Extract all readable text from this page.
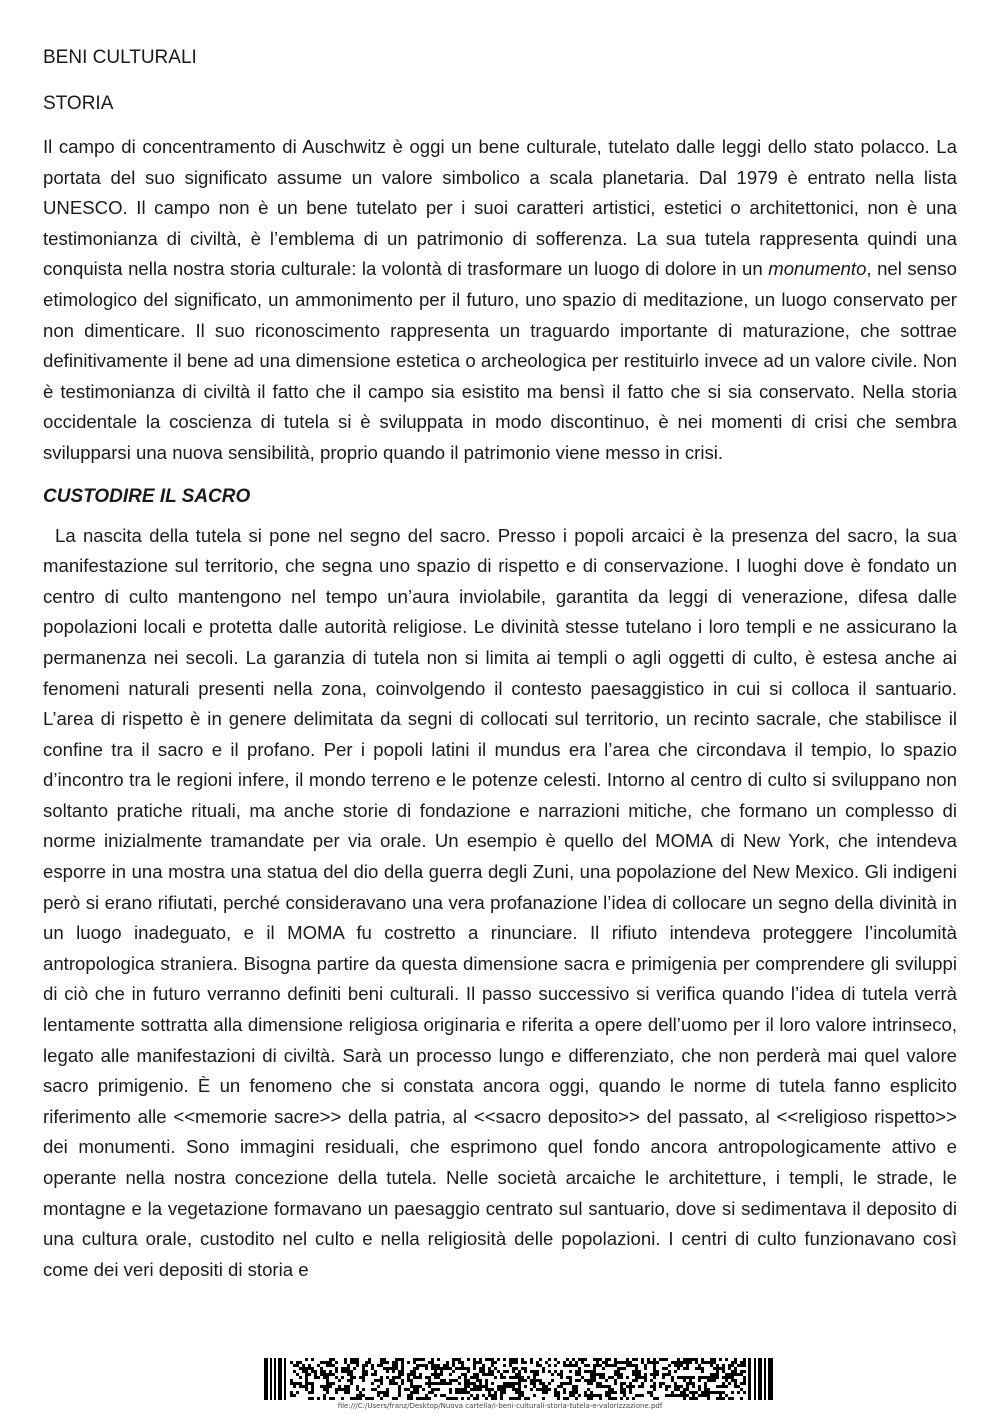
BENI CULTURALI
STORIA

Il campo di concentramento di Auschwitz è oggi un bene culturale, tutelato dalle leggi dello stato polacco. La portata del suo significato assume un valore simbolico a scala planetaria. Dal 1979 è entrato nella lista UNESCO. Il campo non è un bene tutelato per i suoi caratteri artistici, estetici o architettonici, non è una testimonianza di civiltà, è l’emblema di un patrimonio di sofferenza. La sua tutela rappresenta quindi una conquista nella nostra storia culturale: la volontà di trasformare un luogo di dolore in un monumento, nel senso etimologico del significato, un ammonimento per il futuro, uno spazio di meditazione, un luogo conservato per non dimenticare. Il suo riconoscimento rappresenta un traguardo importante di maturazione, che sottrae definitivamente il bene ad una dimensione estetica o archeologica per restituirlo invece ad un valore civile. Non è testimonianza di civiltà il fatto che il campo sia esistito ma bensì il fatto che si sia conservato. Nella storia occidentale la coscienza di tutela si è sviluppata in modo discontinuo, è nei momenti di crisi che sembra svilupparsi una nuova sensibilità, proprio quando il patrimonio viene messo in crisi.

CUSTODIRE IL SACRO

La nascita della tutela si pone nel segno del sacro. Presso i popoli arcaici è la presenza del sacro, la sua manifestazione sul territorio, che segna uno spazio di rispetto e di conservazione. I luoghi dove è fondato un centro di culto mantengono nel tempo un’aura inviolabile, garantita da leggi di venerazione, difesa dalle popolazioni locali e protetta dalle autorità religiose. Le divinità stesse tutelano i loro templi e ne assicurano la permanenza nei secoli. La garanzia di tutela non si limita ai templi o agli oggetti di culto, è estesa anche ai fenomeni naturali presenti nella zona, coinvolgendo il contesto paesaggistico in cui si colloca il santuario. L’area di rispetto è in genere delimitata da segni di collocati sul territorio, un recinto sacrale, che stabilisce il confine tra il sacro e il profano. Per i popoli latini il mundus era l’area che circondava il tempio, lo spazio d’incontro tra le regioni infere, il mondo terreno e le potenze celesti. Intorno al centro di culto si sviluppano non soltanto pratiche rituali, ma anche storie di fondazione e narrazioni mitiche, che formano un complesso di norme inizialmente tramandate per via orale. Un esempio è quello del MOMA di New York, che intendeva esporre in una mostra una statua del dio della guerra degli Zuni, una popolazione del New Mexico. Gli indigeni però si erano rifiutati, perché consideravano una vera profanazione l’idea di collocare un segno della divinità in un luogo inadeguato, e il MOMA fu costretto a rinunciare. Il rifiuto intendeva proteggere l’incolumità antropologica straniera. Bisogna partire da questa dimensione sacra e primigenia per comprendere gli sviluppi di ciò che in futuro verranno definiti beni culturali. Il passo successivo si verifica quando l’idea di tutela verrà lentamente sottratta alla dimensione religiosa originaria e riferita a opere dell’uomo per il loro valore intrinseco, legato alle manifestazioni di civiltà. Sarà un processo lungo e differenziato, che non perderà mai quel valore sacro primigenio. È un fenomeno che si constata ancora oggi, quando le norme di tutela fanno esplicito riferimento alle <<memorie sacre>> della patria, al <<sacro deposito>> del passato, al <<religioso rispetto>> dei monumenti. Sono immagini residuali, che esprimono quel fondo ancora antropologicamente attivo e operante nella nostra concezione della tutela. Nelle società arcaiche le architetture, i templi, le strade, le montagne e la vegetazione formavano un paesaggio centrato sul santuario, dove si sedimentava il deposito di una cultura orale, custodito nel culto e nella religiosità delle popolazioni. I centri di culto funzionavano così come dei veri depositi di storia e

file:///C:/Users/franz/Desktop/Nuova cartella/i-beni-culturali-storia-tutela-e-valorizzazione.pdf
